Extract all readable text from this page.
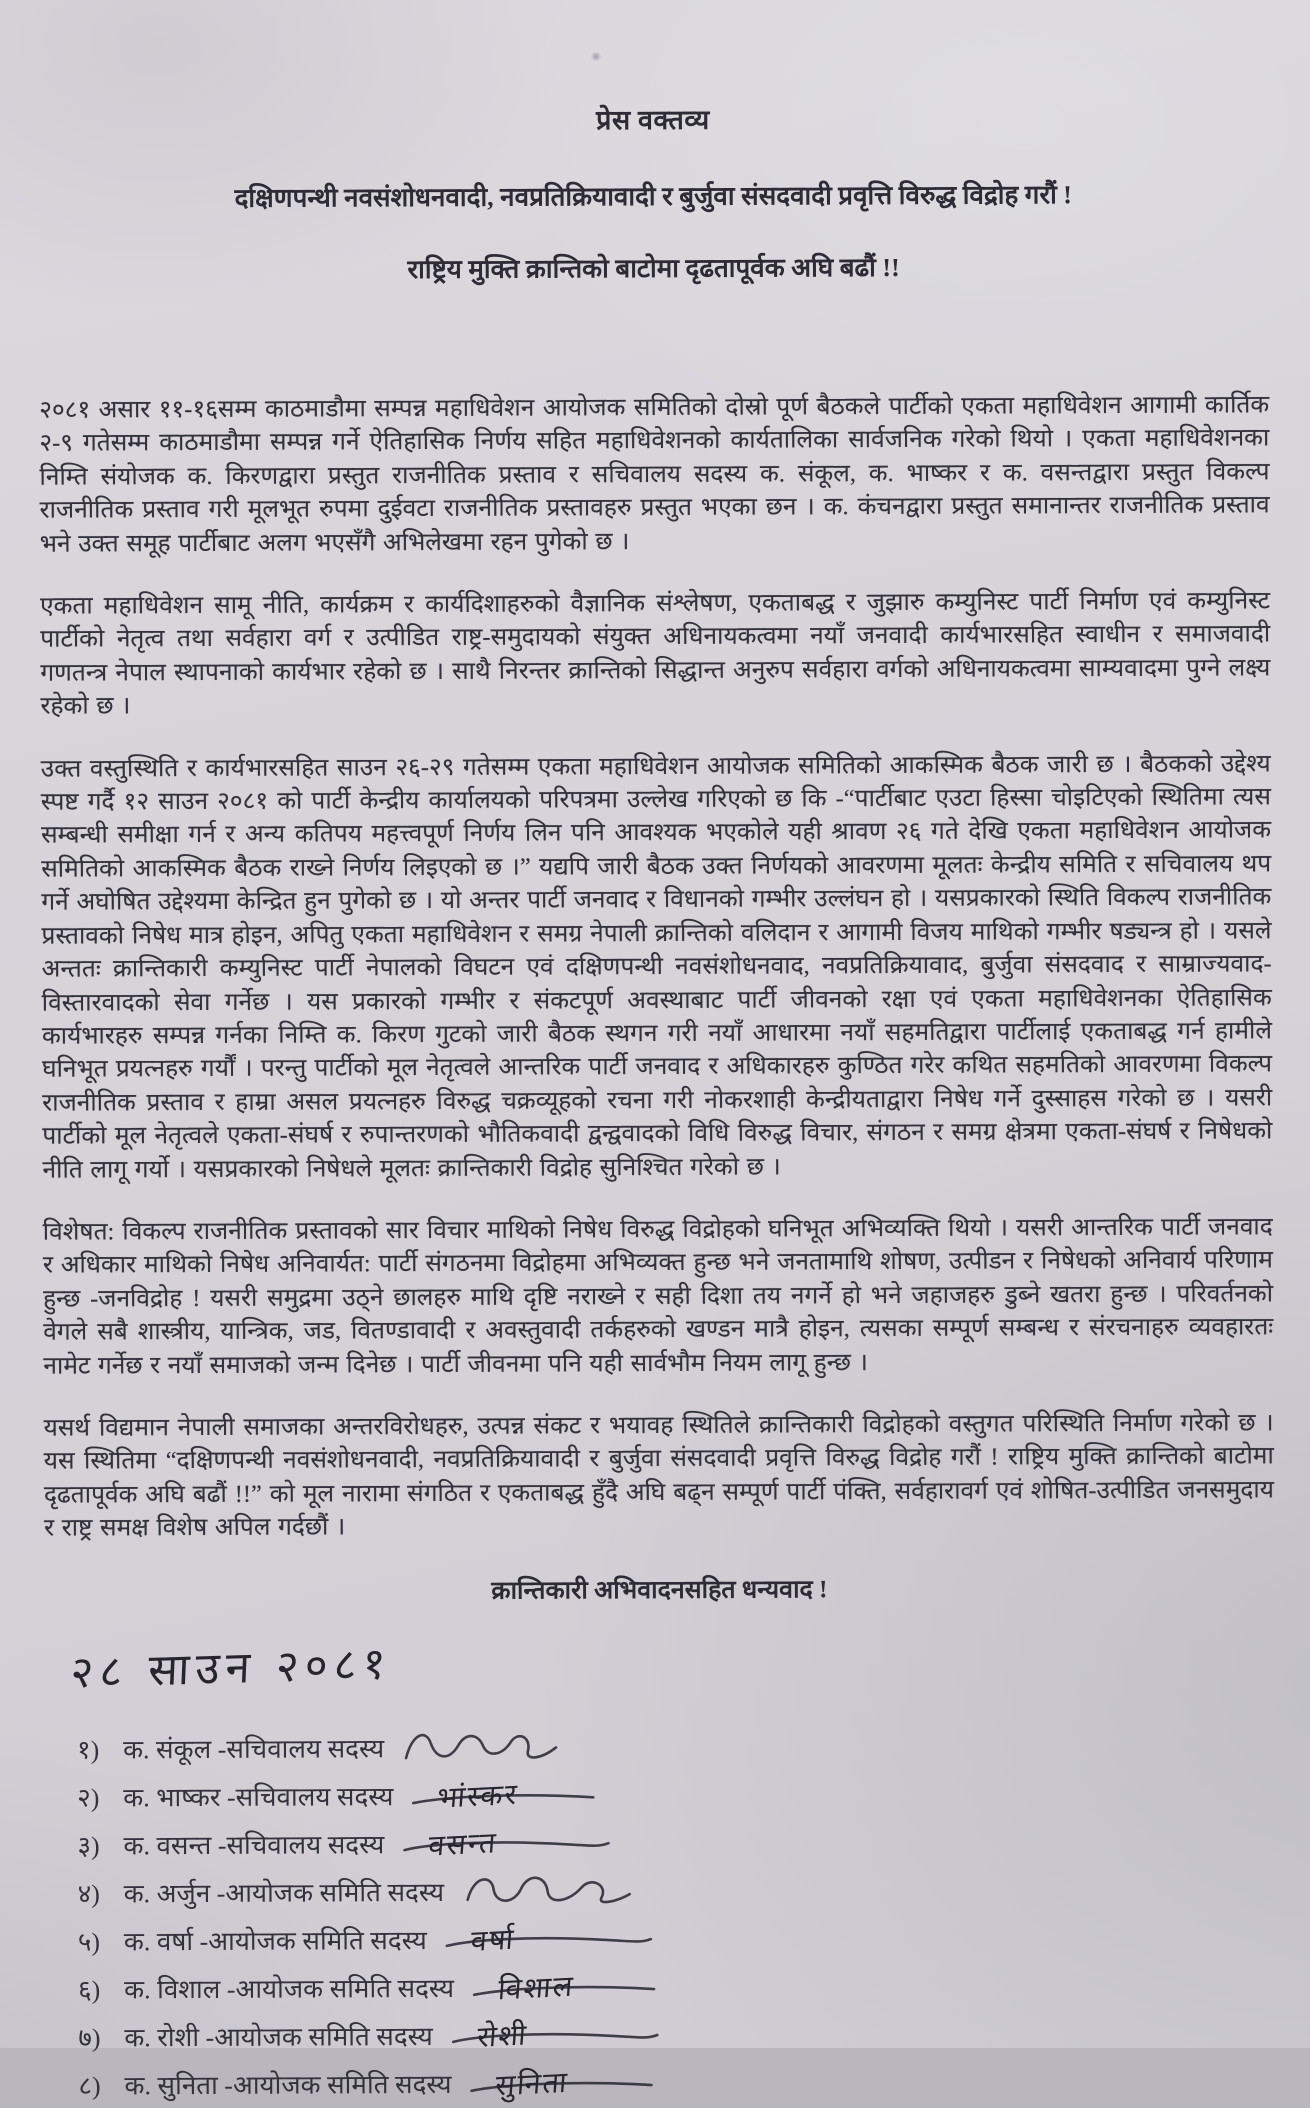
प्रेस वक्तव्य
दक्षिणपन्थी नवसंशोधनवादी, नवप्रतिक्रियावादी र बुर्जुवा संसदवादी प्रवृत्ति विरुद्ध विद्रोह गरौं !
राष्ट्रिय मुक्ति क्रान्तिको बाटोमा दृढतापूर्वक अघि बढौं !!

२०८१ असार ११-१६सम्म काठमाडौमा सम्पन्न महाधिवेशन आयोजक समितिको दोस्रो पूर्ण बैठकले पार्टीको एकता महाधिवेशन आगामी कार्तिक २-९ गतेसम्म काठमाडौमा सम्पन्न गर्ने ऐतिहासिक निर्णय सहित महाधिवेशनको कार्यतालिका सार्वजनिक गरेको थियो । एकता महाधिवेशनका निम्ति संयोजक क. किरणद्वारा प्रस्तुत राजनीतिक प्रस्ताव र सचिवालय सदस्य क. संकूल, क. भाष्कर र क. वसन्तद्वारा प्रस्तुत विकल्प राजनीतिक प्रस्ताव गरी मूलभूत रुपमा दुईवटा राजनीतिक प्रस्तावहरु प्रस्तुत भएका छन । क. कंचनद्वारा प्रस्तुत समानान्तर राजनीतिक प्रस्ताव भने उक्त समूह पार्टीबाट अलग भएसँगै अभिलेखमा रहन पुगेको छ ।

एकता महाधिवेशन सामू नीति, कार्यक्रम र कार्यदिशाहरुको वैज्ञानिक संश्लेषण, एकताबद्ध र जुझारु कम्युनिस्ट पार्टी निर्माण एवं कम्युनिस्ट पार्टीको नेतृत्व तथा सर्वहारा वर्ग र उत्पीडित राष्ट्र-समुदायको संयुक्त अधिनायकत्वमा नयाँ जनवादी कार्यभारसहित स्वाधीन र समाजवादी गणतन्त्र नेपाल स्थापनाको कार्यभार रहेको छ । साथै निरन्तर क्रान्तिको सिद्धान्त अनुरुप सर्वहारा वर्गको अधिनायकत्वमा साम्यवादमा पुग्ने लक्ष्य रहेको छ ।

उक्त वस्तुस्थिति र कार्यभारसहित साउन २६-२९ गतेसम्म एकता महाधिवेशन आयोजक समितिको आकस्मिक बैठक जारी छ । बैठकको उद्देश्य स्पष्ट गर्दै १२ साउन २०८१ को पार्टी केन्द्रीय कार्यालयको परिपत्रमा उल्लेख गरिएको छ कि -“पार्टीबाट एउटा हिस्सा चोइटिएको स्थितिमा त्यस सम्बन्धी समीक्षा गर्न र अन्य कतिपय महत्त्वपूर्ण निर्णय लिन पनि आवश्यक भएकोले यही श्रावण २६ गते देखि एकता महाधिवेशन आयोजक समितिको आकस्मिक बैठक राख्ने निर्णय लिइएको छ ।” यद्यपि जारी बैठक उक्त निर्णयको आवरणमा मूलतः केन्द्रीय समिति र सचिवालय थप गर्ने अघोषित उद्देश्यमा केन्द्रित हुन पुगेको छ । यो अन्तर पार्टी जनवाद र विधानको गम्भीर उल्लंघन हो । यसप्रकारको स्थिति विकल्प राजनीतिक प्रस्तावको निषेध मात्र होइन, अपितु एकता महाधिवेशन र समग्र नेपाली क्रान्तिको वलिदान र आगामी विजय माथिको गम्भीर षड्यन्त्र हो । यसले अन्ततः क्रान्तिकारी कम्युनिस्ट पार्टी नेपालको विघटन एवं दक्षिणपन्थी नवसंशोधनवाद, नवप्रतिक्रियावाद, बुर्जुवा संसदवाद र साम्राज्यवाद-विस्तारवादको सेवा गर्नेछ । यस प्रकारको गम्भीर र संकटपूर्ण अवस्थाबाट पार्टी जीवनको रक्षा एवं एकता महाधिवेशनका ऐतिहासिक कार्यभारहरु सम्पन्न गर्नका निम्ति क. किरण गुटको जारी बैठक स्थगन गरी नयाँ आधारमा नयाँ सहमतिद्वारा पार्टीलाई एकताबद्ध गर्न हामीले घनिभूत प्रयत्नहरु गर्यौं । परन्तु पार्टीको मूल नेतृत्वले आन्तरिक पार्टी जनवाद र अधिकारहरु कुण्ठित गरेर कथित सहमतिको आवरणमा विकल्प राजनीतिक प्रस्ताव र हाम्रा असल प्रयत्नहरु विरुद्ध चक्रव्यूहको रचना गरी नोकरशाही केन्द्रीयताद्वारा निषेध गर्ने दुस्साहस गरेको छ । यसरी पार्टीको मूल नेतृत्वले एकता-संघर्ष र रुपान्तरणको भौतिकवादी द्वन्द्ववादको विधि विरुद्ध विचार, संगठन र समग्र क्षेत्रमा एकता-संघर्ष र निषेधको नीति लागू गर्यो । यसप्रकारको निषेधले मूलतः क्रान्तिकारी विद्रोह सुनिश्चित गरेको छ ।

विशेषत: विकल्प राजनीतिक प्रस्तावको सार विचार माथिको निषेध विरुद्ध विद्रोहको घनिभूत अभिव्यक्ति थियो । यसरी आन्तरिक पार्टी जनवाद र अधिकार माथिको निषेध अनिवार्यत: पार्टी संगठनमा विद्रोहमा अभिव्यक्त हुन्छ भने जनतामाथि शोषण, उत्पीडन र निषेधको अनिवार्य परिणाम हुन्छ -जनविद्रोह ! यसरी समुद्रमा उठ्ने छालहरु माथि दृष्टि नराख्ने र सही दिशा तय नगर्ने हो भने जहाजहरु डुब्ने खतरा हुन्छ । परिवर्तनको वेगले सबै शास्त्रीय, यान्त्रिक, जड, वितण्डावादी र अवस्तुवादी तर्कहरुको खण्डन मात्रै होइन, त्यसका सम्पूर्ण सम्बन्ध र संरचनाहरु व्यवहारतः नामेट गर्नेछ र नयाँ समाजको जन्म दिनेछ । पार्टी जीवनमा पनि यही सार्वभौम नियम लागू हुन्छ ।

यसर्थ विद्यमान नेपाली समाजका अन्तरविरोधहरु, उत्पन्न संकट र भयावह स्थितिले क्रान्तिकारी विद्रोहको वस्तुगत परिस्थिति निर्माण गरेको छ । यस स्थितिमा “दक्षिणपन्थी नवसंशोधनवादी, नवप्रतिक्रियावादी र बुर्जुवा संसदवादी प्रवृत्ति विरुद्ध विद्रोह गरौं ! राष्ट्रिय मुक्ति क्रान्तिको बाटोमा दृढतापूर्वक अघि बढौं !!” को मूल नारामा संगठित र एकताबद्ध हुँदै अघि बढ्न सम्पूर्ण पार्टी पंक्ति, सर्वहारावर्ग एवं शोषित-उत्पीडित जनसमुदाय र राष्ट्र समक्ष विशेष अपिल गर्दछौं ।

क्रान्तिकारी अभिवादनसहित धन्यवाद !
२८ साउन २०८१
१) क. संकूल -सचिवालय सदस्य
२) क. भाष्कर -सचिवालय सदस्य भांस्कर
३) क. वसन्त -सचिवालय सदस्य वसन्त
४) क. अर्जुन -आयोजक समिति सदस्य
५) क. वर्षा -आयोजक समिति सदस्य वर्षा
६) क. विशाल -आयोजक समिति सदस्य विशाल
७) क. रोशी -आयोजक समिति सदस्य रोशी
८) क. सुनिता -आयोजक समिति सदस्य सुनिता
